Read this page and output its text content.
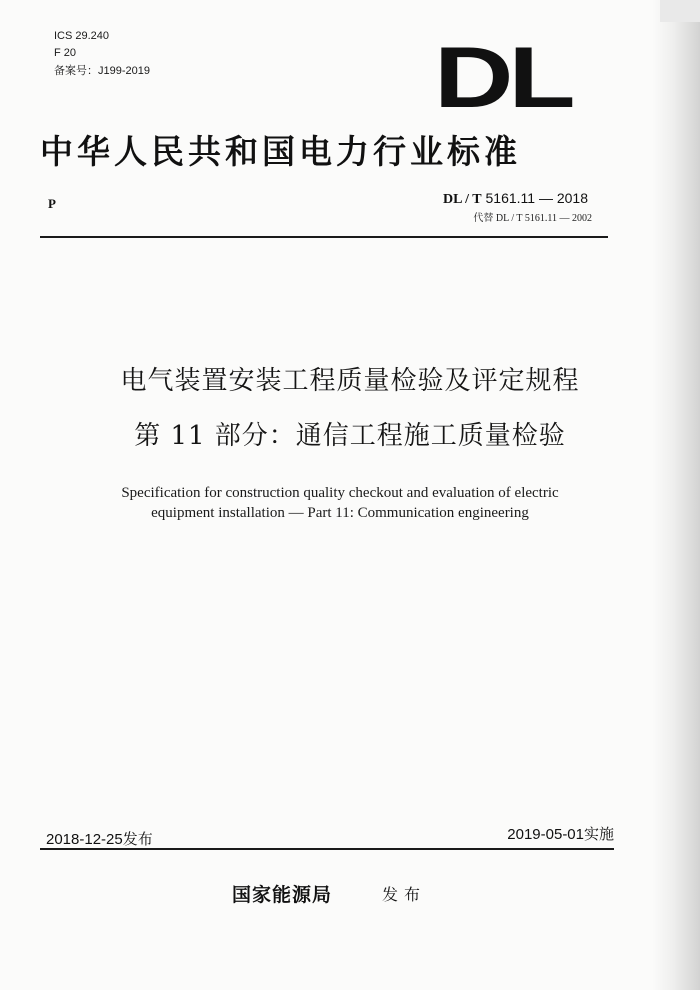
ICS 29.240
F 20
备案号：J199-2019	DL
中华人民共和国电力行业标准
P	DL / T 5161.11 — 2018
代替 DL / T 5161.11 — 2002
电气装置安装工程质量检验及评定规程
第 11 部分：通信工程施工质量检验
Specification for construction quality checkout and evaluation of electric
equipment installation — Part 11: Communication engineering
2018-12-25发布	2019-05-01实施
国家能源局	发布
